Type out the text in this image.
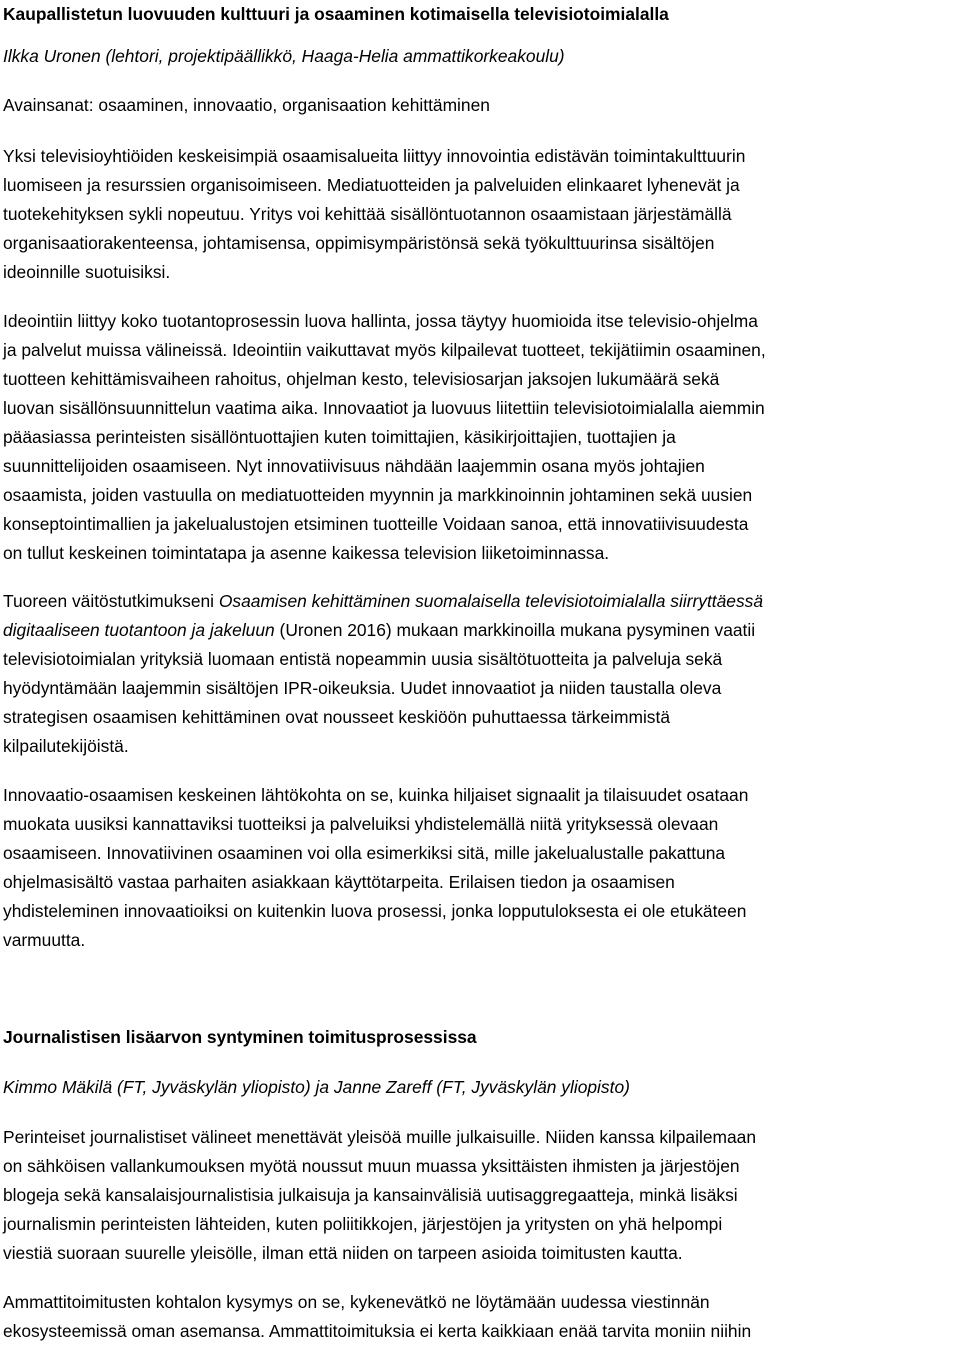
Kaupallistetun luovuuden kulttuuri ja osaaminen kotimaisella televisiotoimialalla
Ilkka Uronen (lehtori, projektipäällikkö, Haaga-Helia ammattikorkeakoulu)
Avainsanat: osaaminen, innovaatio, organisaation kehittäminen
Yksi televisioyhtiöiden keskeisimpiä osaamisalueita liittyy innovointia edistävän toimintakulttuurin
luomiseen ja resurssien organisoimiseen. Mediatuotteiden ja palveluiden elinkaaret lyhenevät ja
tuotekehityksen sykli nopeutuu. Yritys voi kehittää sisällöntuotannon osaamistaan järjestämällä
organisaatiorakenteensa, johtamisensa, oppimisympäristönsä sekä työkulttuurinsa sisältöjen
ideoinnille suotuisiksi.
Ideointiin liittyy koko tuotantoprosessin luova hallinta, jossa täytyy huomioida itse televisio-ohjelma
ja palvelut muissa välineissä. Ideointiin vaikuttavat myös kilpailevat tuotteet, tekijätiimin osaaminen,
tuotteen kehittämisvaiheen rahoitus, ohjelman kesto, televisiosarjan jaksojen lukumäärä sekä
luovan sisällönsuunnittelun vaatima aika. Innovaatiot ja luovuus liitettiin televisiotoimialalla aiemmin
pääasiassa perinteisten sisällöntuottajien kuten toimittajien, käsikirjoittajien, tuottajien ja
suunnittelijoiden osaamiseen. Nyt innovatiivisuus nähdään laajemmin osana myös johtajien
osaamista, joiden vastuulla on mediatuotteiden myynnin ja markkinoinnin johtaminen sekä uusien
konseptointimallien ja jakelualustojen etsiminen tuotteille Voidaan sanoa, että innovatiivisuudesta
on tullut keskeinen toimintatapa ja asenne kaikessa television liiketoiminnassa.
Tuoreen väitöstutkimukseni Osaamisen kehittäminen suomalaisella televisiotoimialalla siirryttäessä
digitaaliseen tuotantoon ja jakeluun (Uronen 2016) mukaan markkinoilla mukana pysyminen vaatii
televisiotoimialan yrityksiä luomaan entistä nopeammin uusia sisältötuotteita ja palveluja sekä
hyödyntämään laajemmin sisältöjen IPR-oikeuksia. Uudet innovaatiot ja niiden taustalla oleva
strategisen osaamisen kehittäminen ovat nousseet keskiöön puhuttaessa tärkeimmistä
kilpailutekijöistä.
Innovaatio-osaamisen keskeinen lähtökohta on se, kuinka hiljaiset signaalit ja tilaisuudet osataan
muokata uusiksi kannattaviksi tuotteiksi ja palveluiksi yhdistelemällä niitä yrityksessä olevaan
osaamiseen. Innovatiivinen osaaminen voi olla esimerkiksi sitä, mille jakelualustalle pakattuna
ohjelmasisältö vastaa parhaiten asiakkaan käyttötarpeita. Erilaisen tiedon ja osaamisen
yhdisteleminen innovaatioiksi on kuitenkin luova prosessi, jonka lopputuloksesta ei ole etukäteen
varmuutta.
Journalistisen lisäarvon syntyminen toimitusprosessissa
Kimmo Mäkilä (FT, Jyväskylän yliopisto) ja Janne Zareff (FT, Jyväskylän yliopisto)
Perinteiset journalistiset välineet menettävät yleisöä muille julkaisuille. Niiden kanssa kilpailemaan
on sähköisen vallankumouksen myötä noussut muun muassa yksittäisten ihmisten ja järjestöjen
blogeja sekä kansalaisjournalistisia julkaisuja ja kansainvälisiä uutisaggregaatteja, minkä lisäksi
journalismin perinteisten lähteiden, kuten poliitikkojen, järjestöjen ja yritysten on yhä helpompi
viestiä suoraan suurelle yleisölle, ilman että niiden on tarpeen asioida toimitusten kautta.
Ammattitoimitusten kohtalon kysymys on se, kykenevätkö ne löytämään uudessa viestinnän
ekosysteemissä oman asemansa. Ammattitoimituksia ei kerta kaikkiaan enää tarvita moniin niihin
